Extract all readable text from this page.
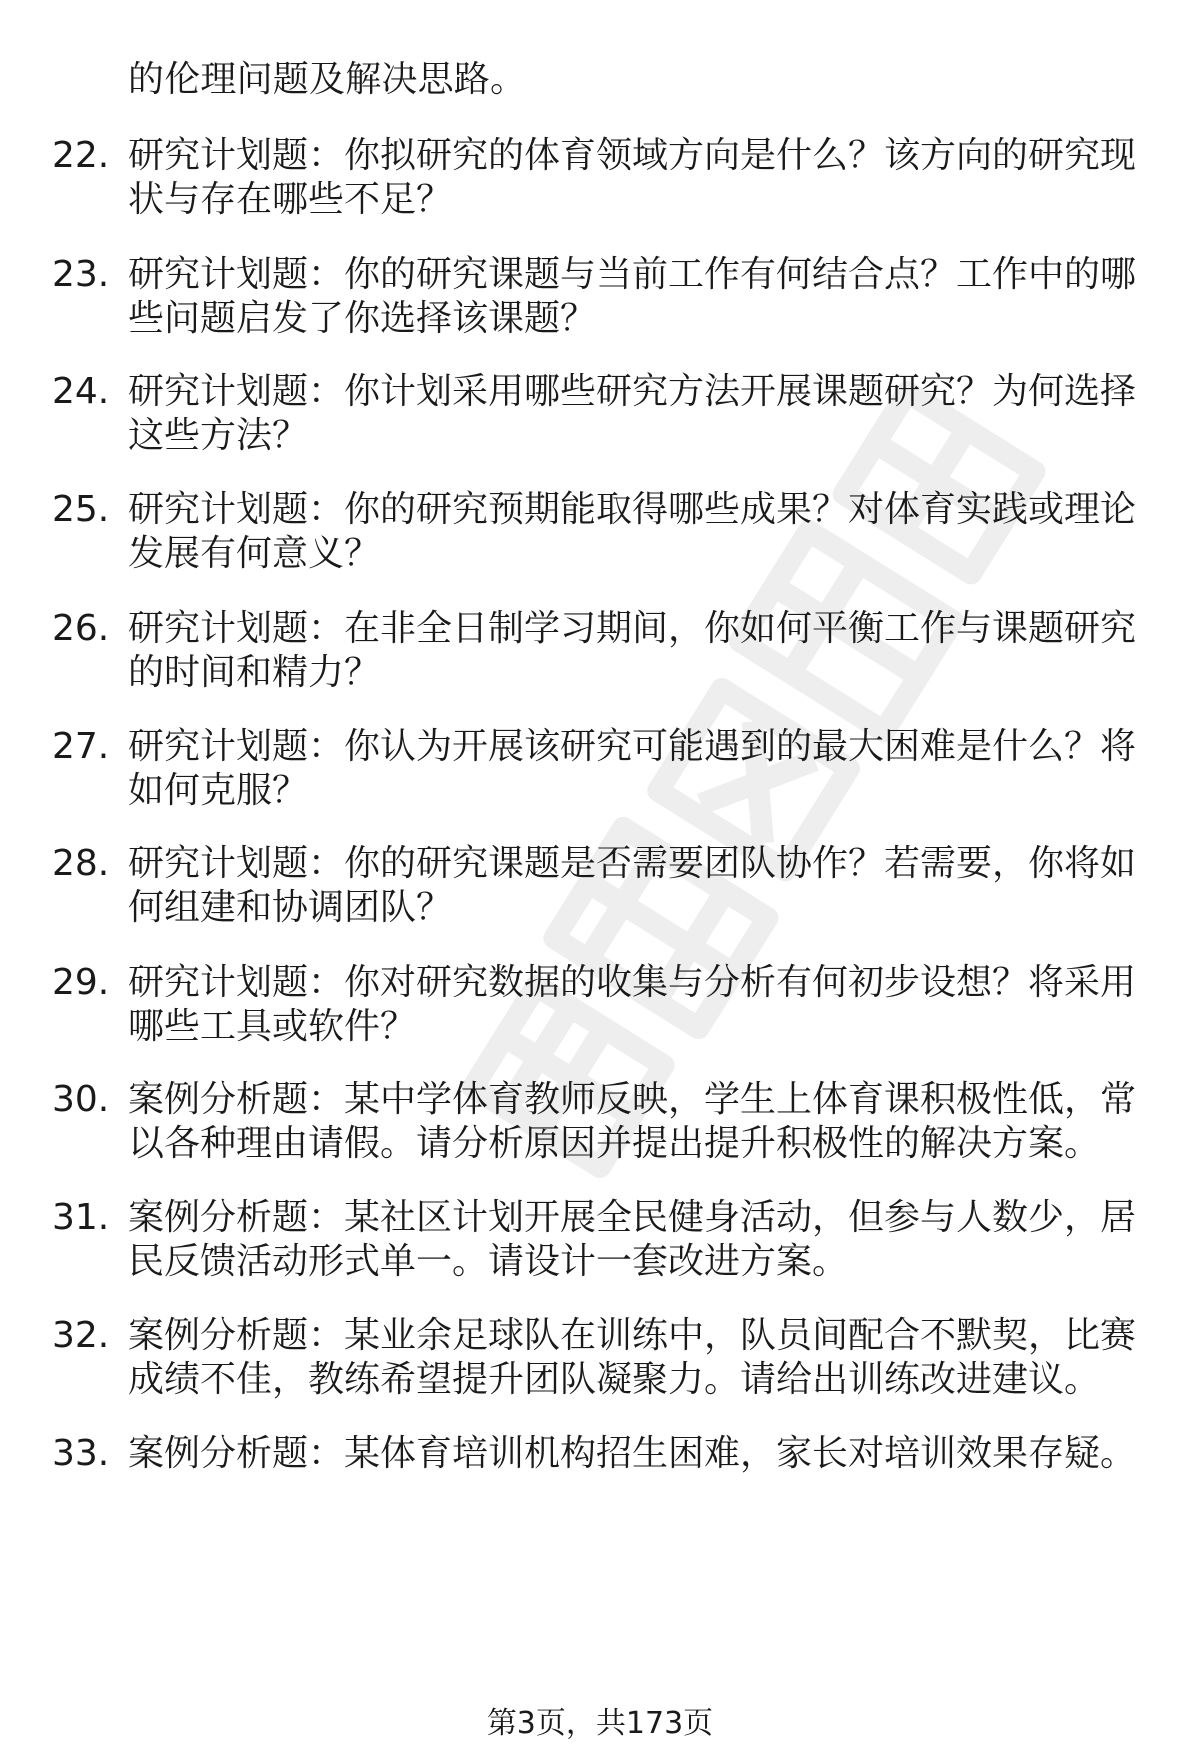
的伦理问题及解决思路。
22. 研究计划题：你拟研究的体育领域方向是什么？该方向的研究现
状与存在哪些不足？
23. 研究计划题：你的研究课题与当前工作有何结合点？工作中的哪
些问题启发了你选择该课题？
24. 研究计划题：你计划采用哪些研究方法开展课题研究？为何选择
这些方法？
25. 研究计划题：你的研究预期能取得哪些成果？对体育实践或理论
发展有何意义？
26. 研究计划题：在非全日制学习期间，你如何平衡工作与课题研究
的时间和精力？
27. 研究计划题：你认为开展该研究可能遇到的最大困难是什么？将
如何克服？
28. 研究计划题：你的研究课题是否需要团队协作？若需要，你将如
何组建和协调团队？
29. 研究计划题：你对研究数据的收集与分析有何初步设想？将采用
哪些工具或软件？
30. 案例分析题：某中学体育教师反映，学生上体育课积极性低，常
以各种理由请假。请分析原因并提出提升积极性的解决方案。
31. 案例分析题：某社区计划开展全民健身活动，但参与人数少，居
民反馈活动形式单一。请设计一套改进方案。
32. 案例分析题：某业余足球队在训练中，队员间配合不默契，比赛
成绩不佳，教练希望提升团队凝聚力。请给出训练改进建议。
33. 案例分析题：某体育培训机构招生困难，家长对培训效果存疑。
第3页，共173页
